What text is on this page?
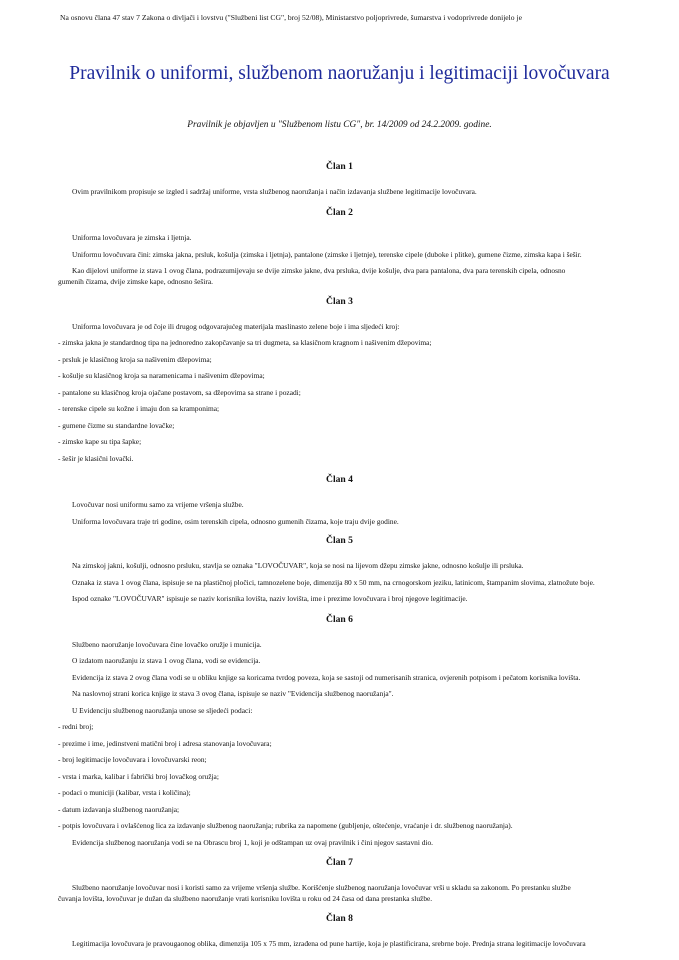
Na osnovu člana 47 stav 7 Zakona o divljači i lovstvu ("Službeni list CG", broj 52/08), Ministarstvo poljoprivrede, šumarstva i vodoprivrede donijelo je
Pravilnik o uniformi, službenom naoružanju i legitimaciji lovočuvara
Pravilnik je objavljen u "Službenom listu CG", br. 14/2009 od 24.2.2009. godine.
Član 1
Ovim pravilnikom propisuje se izgled i sadržaj uniforme, vrsta službenog naoružanja i način izdavanja službene legitimacije lovočuvara.
Član 2
Uniforma lovočuvara je zimska i ljetnja.
Uniformu lovočuvara čini: zimska jakna, prsluk, košulja (zimska i ljetnja), pantalone (zimske i ljetnje), terenske cipele (duboke i plitke), gumene čizme, zimska kapa i šešir.
Kao dijelovi uniforme iz stava 1 ovog člana, podrazumijevaju se dvije zimske jakne, dva prsluka, dvije košulje, dva para pantalona, dva para terenskih cipela, odnosno
gumenih čizama, dvije zimske kape, odnosno šešira.
Član 3
Uniforma lovočuvara je od čoje ili drugog odgovarajućeg materijala maslinasto zelene boje i ima sljedeći kroj:
- zimska jakna je standardnog tipa na jednoredno zakopčavanje sa tri dugmeta, sa klasičnom kragnom i našivenim džepovima;
- prsluk je klasičnog kroja sa našivenim džepovima;
- košulje su klasičnog kroja sa naramenicama i našivenim džepovima;
- pantalone su klasičnog kroja ojačane postavom, sa džepovima sa strane i pozadi;
- terenske cipele su kožne i imaju đon sa kramponima;
- gumene čizme su standardne lovačke;
- zimske kape su tipa šapke;
- šešir je klasični lovački.
Član 4
Lovočuvar nosi uniformu samo za vrijeme vršenja službe.
Uniforma lovočuvara traje tri godine, osim terenskih cipela, odnosno gumenih čizama, koje traju dvije godine.
Član 5
Na zimskoj jakni, košulji, odnosno prsluku, stavlja se oznaka "LOVOČUVAR", koja se nosi na lijevom džepu zimske jakne, odnosno košulje ili prsluka.
Oznaka iz stava 1 ovog člana, ispisuje se na plastičnoj pločici, tamnozelene boje, dimenzija 80 x 50 mm, na crnogorskom jeziku, latinicom, štampanim slovima, zlatnožute boje.
Ispod oznake "LOVOČUVAR" ispisuje se naziv korisnika lovišta, naziv lovišta, ime i prezime lovočuvara i broj njegove legitimacije.
Član 6
Službeno naoružanje lovočuvara čine lovačko oružje i municija.
O izdatom naoružanju iz stava 1 ovog člana, vodi se evidencija.
Evidencija iz stava 2 ovog člana vodi se u obliku knjige sa koricama tvrdog poveza, koja se sastoji od numerisanih stranica, ovjerenih potpisom i pečatom korisnika lovišta.
Na naslovnoj strani korica knjige iz stava 3 ovog člana, ispisuje se naziv "Evidencija službenog naoružanja".
U Evidenciju službenog naoružanja unose se sljedeći podaci:
- redni broj;
- prezime i ime, jedinstveni matični broj i adresa stanovanja lovočuvara;
- broj legitimacije lovočuvara i lovočuvarski reon;
- vrsta i marka, kalibar i fabrički broj lovačkog oružja;
- podaci o municiji (kalibar, vrsta i količina);
- datum izdavanja službenog naoružanja;
- potpis lovočuvara i ovlašćenog lica za izdavanje službenog naoružanja; rubrika za napomene (gubljenje, oštećenje, vraćanje i dr. službenog naoružanja).
Evidencija službenog naoružanja vodi se na Obrascu broj 1, koji je odštampan uz ovaj pravilnik i čini njegov sastavni dio.
Član 7
Službeno naoružanje lovočuvar nosi i koristi samo za vrijeme vršenja službe. Korišćenje službenog naoružanja lovočuvar vrši u skladu sa zakonom. Po prestanku službe
čuvanja lovišta, lovočuvar je dužan da službeno naoružanje vrati korisniku lovišta u roku od 24 časa od dana prestanka službe.
Član 8
Legitimacija lovočuvara je pravougaonog oblika, dimenzija 105 x 75 mm, izrađena od pune hartije, koja je plastificirana, srebrne boje. Prednja strana legitimacije lovočuvara
